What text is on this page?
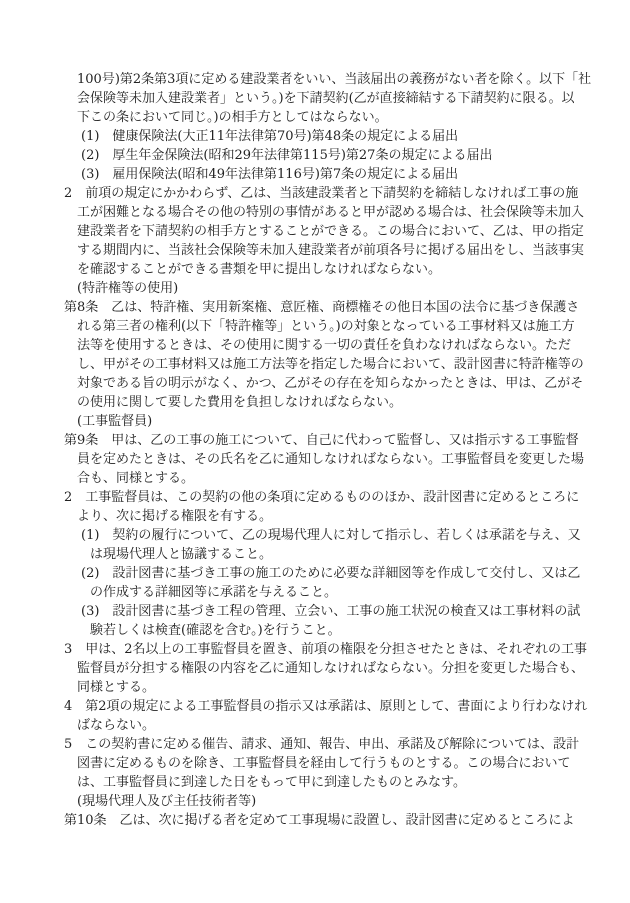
100号)第2条第3項に定める建設業者をいい、当該届出の義務がない者を除く。以下「社
会保険等未加入建設業者」という。)を下請契約(乙が直接締結する下請契約に限る。以
下この条において同じ。)の相手方としてはならない。
(1)　健康保険法(大正11年法律第70号)第48条の規定による届出
(2)　厚生年金保険法(昭和29年法律第115号)第27条の規定による届出
(3)　雇用保険法(昭和49年法律第116号)第7条の規定による届出
2　前項の規定にかかわらず、乙は、当該建設業者と下請契約を締結しなければ工事の施
工が困難となる場合その他の特別の事情があると甲が認める場合は、社会保険等未加入
建設業者を下請契約の相手方とすることができる。この場合において、乙は、甲の指定
する期間内に、当該社会保険等未加入建設業者が前項各号に掲げる届出をし、当該事実
を確認することができる書類を甲に提出しなければならない。
(特許権等の使用)
第8条　乙は、特許権、実用新案権、意匠権、商標権その他日本国の法令に基づき保護さ
れる第三者の権利(以下「特許権等」という。)の対象となっている工事材料又は施工方
法等を使用するときは、その使用に関する一切の責任を負わなければならない。ただ
し、甲がその工事材料又は施工方法等を指定した場合において、設計図書に特許権等の
対象である旨の明示がなく、かつ、乙がその存在を知らなかったときは、甲は、乙がそ
の使用に関して要した費用を負担しなければならない。
(工事監督員)
第9条　甲は、乙の工事の施工について、自己に代わって監督し、又は指示する工事監督
員を定めたときは、その氏名を乙に通知しなければならない。工事監督員を変更した場
合も、同様とする。
2　工事監督員は、この契約の他の条項に定めるもののほか、設計図書に定めるところに
より、次に掲げる権限を有する。
(1)　契約の履行について、乙の現場代理人に対して指示し、若しくは承諾を与え、又
は現場代理人と協議すること。
(2)　設計図書に基づき工事の施工のために必要な詳細図等を作成して交付し、又は乙
の作成する詳細図等に承諾を与えること。
(3)　設計図書に基づき工程の管理、立会い、工事の施工状況の検査又は工事材料の試
験若しくは検査(確認を含む。)を行うこと。
3　甲は、2名以上の工事監督員を置き、前項の権限を分担させたときは、それぞれの工事
監督員が分担する権限の内容を乙に通知しなければならない。分担を変更した場合も、
同様とする。
4　第2項の規定による工事監督員の指示又は承諾は、原則として、書面により行わなけれ
ばならない。
5　この契約書に定める催告、請求、通知、報告、申出、承諾及び解除については、設計
図書に定めるものを除き、工事監督員を経由して行うものとする。この場合において
は、工事監督員に到達した日をもって甲に到達したものとみなす。
(現場代理人及び主任技術者等)
第10条　乙は、次に掲げる者を定めて工事現場に設置し、設計図書に定めるところによ
